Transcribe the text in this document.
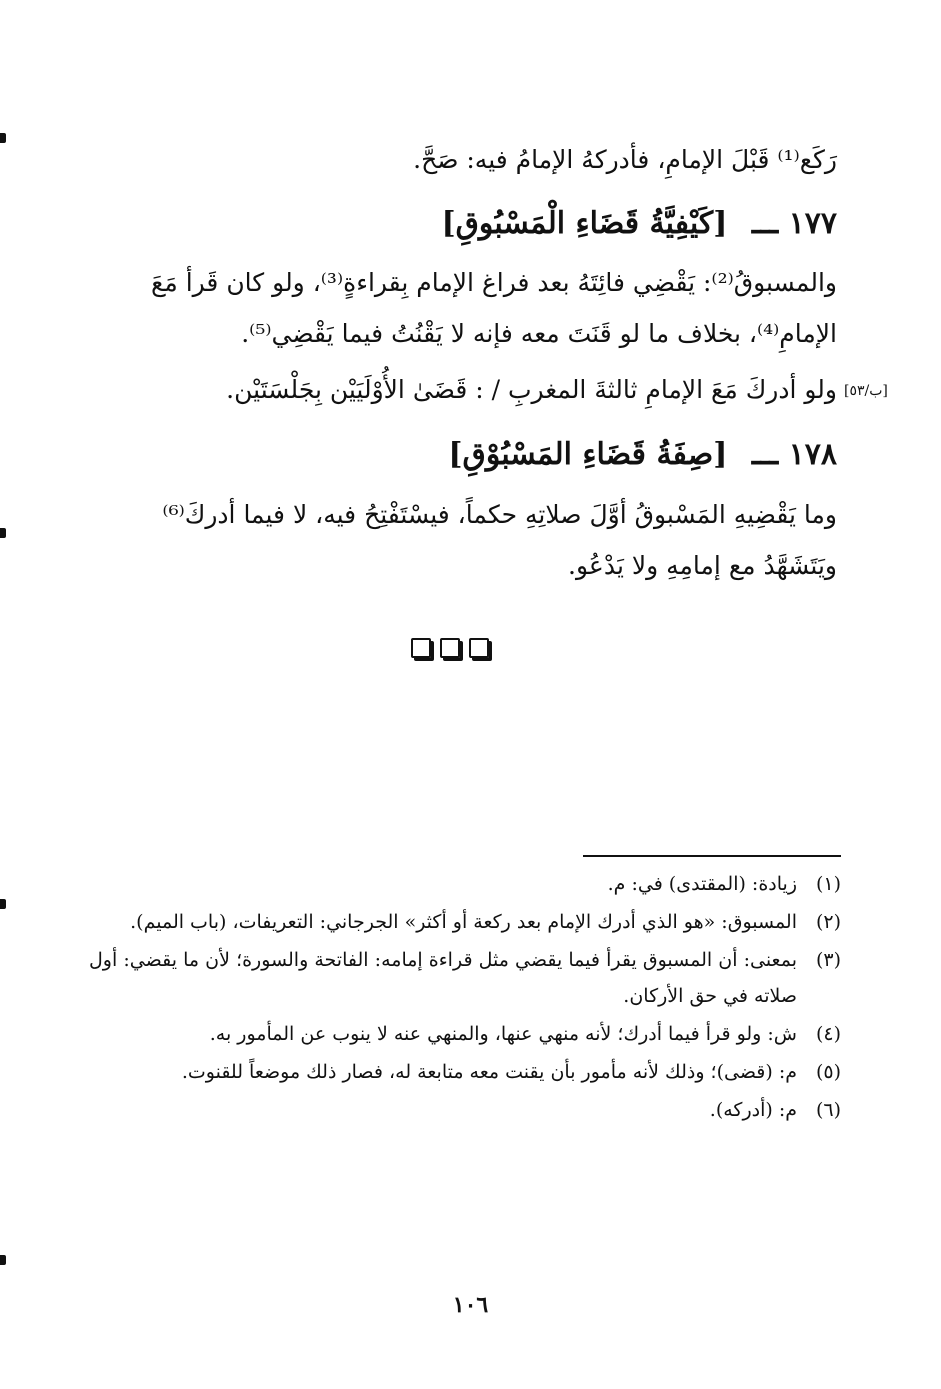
رَكَع⁽¹⁾ قَبْلَ الإمامِ، فأدركهُ الإمامُ فيه: صَحَّ.
١٧٧ ـــ [كَيْفِيَّةُ قَضَاءِ الْمَسْبُوقِ]
والمسبوقُ⁽²⁾: يَقْضِي فائِتَهُ بعد فراغ الإمام بِقراءةٍ⁽³⁾، ولو كان قَرأ مَعَ
الإمامِ⁽⁴⁾، بخلاف ما لو قَنَتَ معه فإنه لا يَقْنُتُ فيما يَقْضِي⁽⁵⁾.
ولو أدركَ مَعَ الإمامِ ثالثةَ المغربِ / : قَضَىٰ الأُوْلَيَيْن بِجَلْسَتَيْن. [ب/٥٣]
١٧٨ ـــ [صِفَةُ قَضَاءِ المَسْبُوْقِ]
وما يَقْضِيهِ المَسْبوقُ أوَّلَ صلاتِهِ حكماً، فيسْتَفْتِحُ فيه، لا فيما أدركَ⁽⁶⁾
ويَتَشَهَّدُ مع إمامِهِ ولا يَدْعُو.
(١)
زيادة: (المقتدى) في: م.
(٢)
المسبوق: «هو الذي أدرك الإمام بعد ركعة أو أكثر» الجرجاني: التعريفات، (باب الميم).
(٣)
بمعنى: أن المسبوق يقرأ فيما يقضي مثل قراءة إمامه: الفاتحة والسورة؛ لأن ما يقضي: أول صلاته في حق الأركان.
(٤)
ش: ولو قرأ فيما أدرك؛ لأنه منهي عنها، والمنهي عنه لا ينوب عن المأمور به.
(٥)
م: (قضى)؛ وذلك لأنه مأمور بأن يقنت معه متابعة له، فصار ذلك موضعاً للقنوت.
(٦)
م: (أدركه).
١٠٦
